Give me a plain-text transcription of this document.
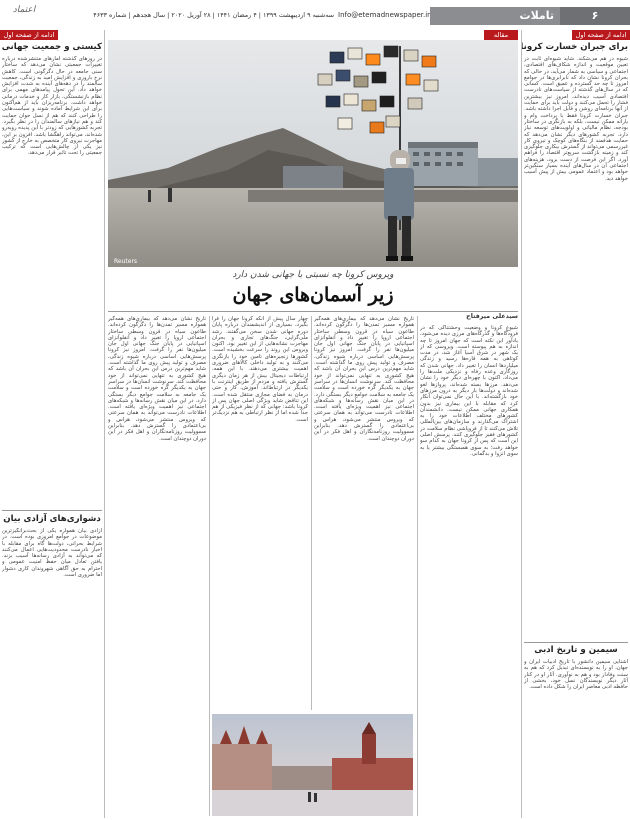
اعتماد	سه‌شنبه ۹ اردیبهشت ۱۳۹۹ | ۴ رمضان ۱۴۴۱ | ۲۸ آوریل ۲۰۲۰ | سال هجدهم | شماره ۴۶۳۳ Info@etemadnewspaper.ir	تاملات	۶
ادامه از صفحه اول
برای جبران خسارت کرونا
شیوه در هم می‌شکند. شاید شیوه‌ای ثابت در تعیین موقعیت و اندازه شکاف‌های اقتصادی، اجتماعی و سیاسی به شمار می‌آید، در حالی که بحران کرونا نشان داد که نابرابری‌ها در جوامع امروز تا چه حد گسترده و عمیق است. کسانی که در سال‌های گذشته از سیاست‌های نادرست اقتصادی آسیب دیده‌اند، امروز نیز بیشترین فشار را تحمل می‌کنند و دولت باید برای حمایت از آنها برنامه‌ای روشن و قابل اجرا داشته باشد. جبران خسارت کرونا فقط با پرداخت وام و یارانه ممکن نیست، بلکه به بازنگری در ساختار بودجه، نظام مالیاتی و اولویت‌های توسعه نیاز دارد. تجربه کشورهای دیگر نشان می‌دهد که حمایت هدفمند از بنگاه‌های کوچک و نیروی کار غیررسمی می‌تواند از گسترش بیکاری جلوگیری کند و زمینه بازگشت سریع‌تر اقتصاد را فراهم آورد. اگر این فرصت از دست برود، هزینه‌های اجتماعی آن در سال‌های آینده بسیار سنگین‌تر خواهد بود و اعتماد عمومی بیش از پیش آسیب خواهد دید.
سیمین و تاریخ ادبی
آشنایی سیمین دانشور با تاریخ ادبیات ایران و جهان، او را به نویسنده‌ای تبدیل کرد که هم به سنت وفادار بود و هم به نوآوری. آثار او در کنار آثار دیگر نویسندگان نسل خود، بخشی از حافظه ادبی معاصر ایران را شکل داده است.
مقاله
Reuters
ویروس کرونا چه نسبتی با جهانی شدن دارد
زیر آسمان‌های جهان
سیدعلی میرفتاح
شیوع کرونا و وضعیت وحشتناکی که در فرودگاه‌ها و گذرگاه‌های مرزی دیده می‌شود، یادآور این نکته است که جهان امروز تا چه اندازه به هم پیوسته است. ویروسی که از یک شهر در شرق آسیا آغاز شد، در مدت کوتاهی به همه قاره‌ها رسید و زندگی میلیاردها انسان را تغییر داد. جهانی شدن که روزگاری وعده رفاه و نزدیکی ملت‌ها را می‌داد، اکنون با چهره‌ای دیگر خود را نشان می‌دهد. مرزها بسته شده‌اند، پروازها لغو شده‌اند و دولت‌ها بار دیگر به درون مرزهای خود بازگشته‌اند. با این حال نمی‌توان انکار کرد که مقابله با این بیماری نیز بدون همکاری جهانی ممکن نیست. دانشمندان کشورهای مختلف اطلاعات خود را به اشتراک می‌گذارند و سازمان‌های بین‌المللی تلاش می‌کنند تا از فروپاشی نظام سلامت در کشورهای فقیر جلوگیری کنند. پرسش اصلی این است که پس از کرونا جهان به کدام سو خواهد رفت؛ به سوی همبستگی بیشتر یا به سوی انزوا و بدگمانی.
تاریخ نشان می‌دهد که بیماری‌های همه‌گیر همواره مسیر تمدن‌ها را دگرگون کرده‌اند. طاعون سیاه در قرون وسطی ساختار اجتماعی اروپا را تغییر داد و آنفلوآنزای اسپانیایی در پایان جنگ جهانی اول جان میلیون‌ها نفر را گرفت. امروز نیز کرونا پرسش‌هایی اساسی درباره شیوه زندگی، مصرف و تولید پیش روی ما گذاشته است. شاید مهم‌ترین درس این بحران آن باشد که هیچ کشوری به تنهایی نمی‌تواند از خود محافظت کند. سرنوشت انسان‌ها در سراسر جهان به یکدیگر گره خورده است و سلامت یک جامعه به سلامت جوامع دیگر بستگی دارد. در این میان نقش رسانه‌ها و شبکه‌های اجتماعی نیز اهمیت ویژه‌ای یافته است. اطلاعات نادرست می‌تواند به همان سرعتی که ویروس منتشر می‌شود، هراس و بی‌اعتمادی را گسترش دهد. بنابراین مسوولیت روزنامه‌نگاران و اهل فکر در این دوران دوچندان است.
چهار سال پیش از آنکه کرونا جهان را فرا بگیرد، بسیاری از اندیشمندان درباره پایان دوره جهانی شدن سخن می‌گفتند. رشد ملی‌گرایی، جنگ‌های تجاری و بحران مهاجرت نشانه‌هایی از این تغییر بود. اکنون ویروس این روند را سرعت بخشیده است. کشورها زنجیره‌های تامین خود را بازنگری می‌کنند و به تولید داخلی کالاهای ضروری اهمیت بیشتری می‌دهند. با این همه، ارتباطات دیجیتال بیش از هر زمان دیگری گسترش یافته و مردم از طریق اینترنت با یکدیگر در ارتباط‌اند. آموزش، کار و حتی درمان به فضای مجازی منتقل شده است. این تناقض شاید ویژگی اصلی جهان پس از کرونا باشد: جهانی که از نظر فیزیکی از هم جدا شده اما از نظر ارتباطی به هم نزدیک‌تر است.
تاریخ نشان می‌دهد که بیماری‌های همه‌گیر همواره مسیر تمدن‌ها را دگرگون کرده‌اند. طاعون سیاه در قرون وسطی ساختار اجتماعی اروپا را تغییر داد و آنفلوآنزای اسپانیایی در پایان جنگ جهانی اول جان میلیون‌ها نفر را گرفت. امروز نیز کرونا پرسش‌هایی اساسی درباره شیوه زندگی، مصرف و تولید پیش روی ما گذاشته است. شاید مهم‌ترین درس این بحران آن باشد که هیچ کشوری به تنهایی نمی‌تواند از خود محافظت کند. سرنوشت انسان‌ها در سراسر جهان به یکدیگر گره خورده است و سلامت یک جامعه به سلامت جوامع دیگر بستگی دارد. در این میان نقش رسانه‌ها و شبکه‌های اجتماعی نیز اهمیت ویژه‌ای یافته است. اطلاعات نادرست می‌تواند به همان سرعتی که ویروس منتشر می‌شود، هراس و بی‌اعتمادی را گسترش دهد. بنابراین مسوولیت روزنامه‌نگاران و اهل فکر در این دوران دوچندان است.
ادامه از صفحه اول
کیستی و جمعیت جهانی
در روزهای گذشته آمارهای منتشرشده درباره تغییرات جمعیتی نشان می‌دهد که ساختار سنی جامعه در حال دگرگونی است. کاهش نرخ باروری و افزایش امید به زندگی، جمعیت سالمند را در دهه‌های آینده به شدت افزایش خواهد داد. این تحول پیامدهای مهمی برای نظام بازنشستگی، بازار کار و خدمات درمانی خواهد داشت. برنامه‌ریزان باید از هم‌اکنون برای این شرایط آماده شوند و سیاست‌هایی را طراحی کنند که هم از نسل جوان حمایت کند و هم نیازهای سالمندان را در نظر بگیرد. تجربه کشورهایی که زودتر با این پدیده روبه‌رو شده‌اند، می‌تواند راهگشا باشد. افزون بر این، مهاجرت نیروی کار متخصص به خارج از کشور نیز یکی از چالش‌هایی است که ترکیب جمعیتی را تحت تاثیر قرار می‌دهد.
دشواری‌های آزادی بیان
آزادی بیان همواره یکی از بحث‌برانگیزترین موضوعات در جوامع امروزی بوده است. در شرایط بحرانی، دولت‌ها گاه برای مقابله با اخبار نادرست محدودیت‌هایی اعمال می‌کنند که می‌تواند به آزادی رسانه‌ها آسیب بزند. یافتن تعادل میان حفظ امنیت عمومی و احترام به حق آگاهی شهروندان کاری دشوار اما ضروری است.
